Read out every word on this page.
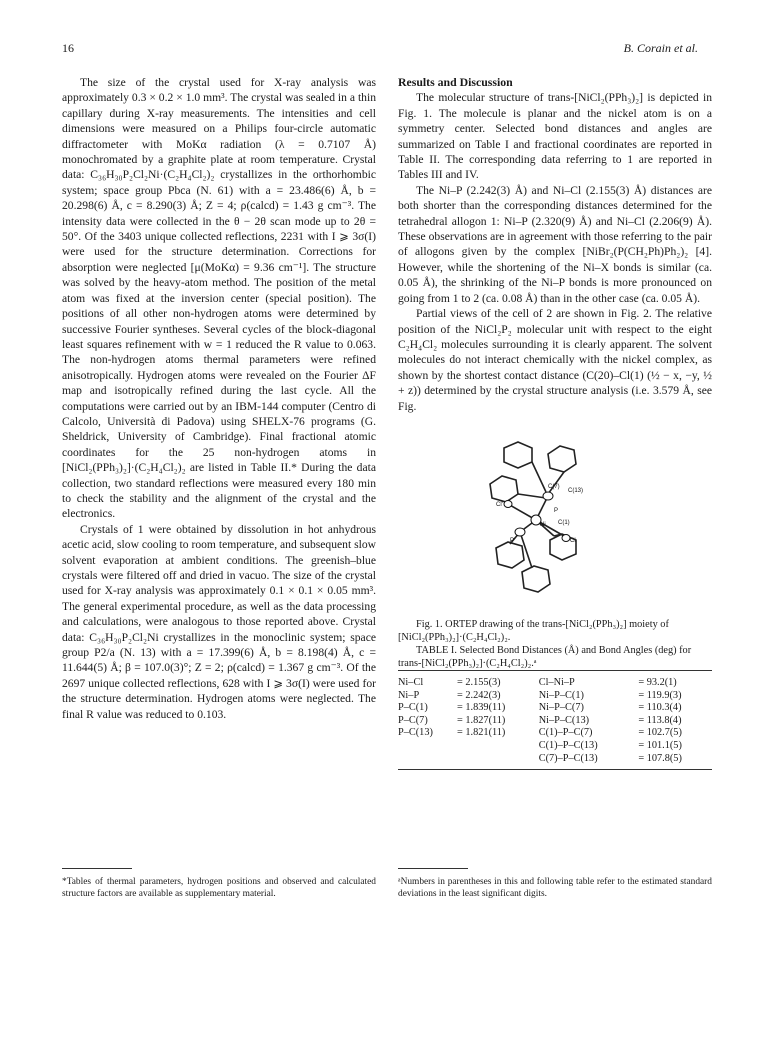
16	B. Corain et al.

The size of the crystal used for X-ray analysis was approximately 0.3 × 0.2 × 1.0 mm³. The crystal was sealed in a thin capillary during X-ray measurements. The intensities and cell dimensions were measured on a Philips four-circle automatic diffractometer with MoKα radiation (λ = 0.7107 Å) monochromated by a graphite plate at room temperature. Crystal data: C₃₆H₃₀P₂Cl₂Ni·(C₂H₄Cl₂)₂ crystallizes in the orthorhombic system; space group Pbca (N. 61) with a = 23.486(6) Å, b = 20.298(6) Å, c = 8.290(3) Å; Z = 4; ρ(calcd) = 1.43 g cm⁻³. The intensity data were collected in the θ − 2θ scan mode up to 2θ = 50°. Of the 3403 unique collected reflections, 2231 with I ⩾ 3σ(I) were used for the structure determination. Corrections for absorption were neglected [μ(MoKα) = 9.36 cm⁻¹]. The structure was solved by the heavy-atom method. The position of the metal atom was fixed at the inversion center (special position). The positions of all other non-hydrogen atoms were determined by successive Fourier syntheses. Several cycles of the block-diagonal least squares refinement with w = 1 reduced the R value to 0.063. The non-hydrogen atoms thermal parameters were refined anisotropically. Hydrogen atoms were revealed on the Fourier ΔF map and isotropically refined during the last cycle. All the computations were carried out by an IBM-144 computer (Centro di Calcolo, Università di Padova) using SHELX-76 programs (G. Sheldrick, University of Cambridge). Final fractional atomic coordinates for the 25 non-hydrogen atoms in [NiCl₂(PPh₃)₂]·(C₂H₄Cl₂)₂ are listed in Table II.* During the data collection, two standard reflections were measured every 180 min to check the stability and the alignment of the crystal and the electronics.

Crystals of 1 were obtained by dissolution in hot anhydrous acetic acid, slow cooling to room temperature, and subsequent slow solvent evaporation at ambient conditions. The greenish–blue crystals were filtered off and dried in vacuo. The size of the crystal used for X-ray analysis was approximately 0.1 × 0.1 × 0.05 mm³. The general experimental procedure, as well as the data processing and calculations, were analogous to those reported above. Crystal data: C₃₆H₃₀P₂Cl₂Ni crystallizes in the monoclinic system; space group P2/a (N. 13) with a = 17.399(6) Å, b = 8.198(4) Å, c = 11.644(5) Å; β = 107.0(3)°; Z = 2; ρ(calcd) = 1.367 g cm⁻³. Of the 2697 unique collected reflections, 628 with I ⩾ 3σ(I) were used for the structure determination. Hydrogen atoms were neglected. The final R value was reduced to 0.103.

Results and Discussion

The molecular structure of trans-[NiCl₂(PPh₃)₂] is depicted in Fig. 1. The molecule is planar and the nickel atom is on a symmetry center. Selected bond distances and angles are summarized on Table I and fractional coordinates are reported in Table II. The corresponding data referring to 1 are reported in Tables III and IV.

The Ni–P (2.242(3) Å) and Ni–Cl (2.155(3) Å) distances are both shorter than the corresponding distances determined for the tetrahedral allogon 1: Ni–P (2.320(9) Å) and Ni–Cl (2.206(9) Å). These observations are in agreement with those referring to the pair of allogons given by the complex [NiBr₂(P(CH₂Ph)Ph₂)₂ [4]. However, while the shortening of the Ni–X bonds is similar (ca. 0.05 Å), the shrinking of the Ni–P bonds is more pronounced on going from 1 to 2 (ca. 0.08 Å) than in the other case (ca. 0.05 Å).

Partial views of the cell of 2 are shown in Fig. 2. The relative position of the NiCl₂P₂ molecular unit with respect to the eight C₂H₄Cl₂ molecules surrounding it is clearly apparent. The solvent molecules do not interact chemically with the nickel complex, as shown by the shortest contact distance (C(20)–Cl(1) (½ − x, −y, ½ + z)) determined by the crystal structure analysis (i.e. 3.579 Å, see Fig.

C(7)
C(13)
Cl'
P
Ni C(1)
P'	Cl

Fig. 1. ORTEP drawing of the trans-[NiCl₂(PPh₃)₂] moiety of [NiCl₂(PPh₃)₂]·(C₂H₄Cl₂)₂.

TABLE I. Selected Bond Distances (Å) and Bond Angles (deg) for trans-[NiCl₂(PPh₃)₂]·(C₂H₄Cl₂)₂.ᵃ

Ni–Cl	= 2.155(3)	Cl–Ni–P	= 93.2(1)
Ni–P	= 2.242(3)	Ni–P–C(1)	= 119.9(3)
P–C(1)	= 1.839(11)	Ni–P–C(7)	= 110.3(4)
P–C(7)	= 1.827(11)	Ni–P–C(13)	= 113.8(4)
P–C(13)	= 1.821(11)	C(1)–P–C(7)	= 102.7(5)
		C(1)–P–C(13)	= 101.1(5)
		C(7)–P–C(13)	= 107.8(5)
*Tables of thermal parameters, hydrogen positions and observed and calculated structure factors are available as supplementary material.
ᵃNumbers in parentheses in this and following table refer to the estimated standard deviations in the least significant digits.
